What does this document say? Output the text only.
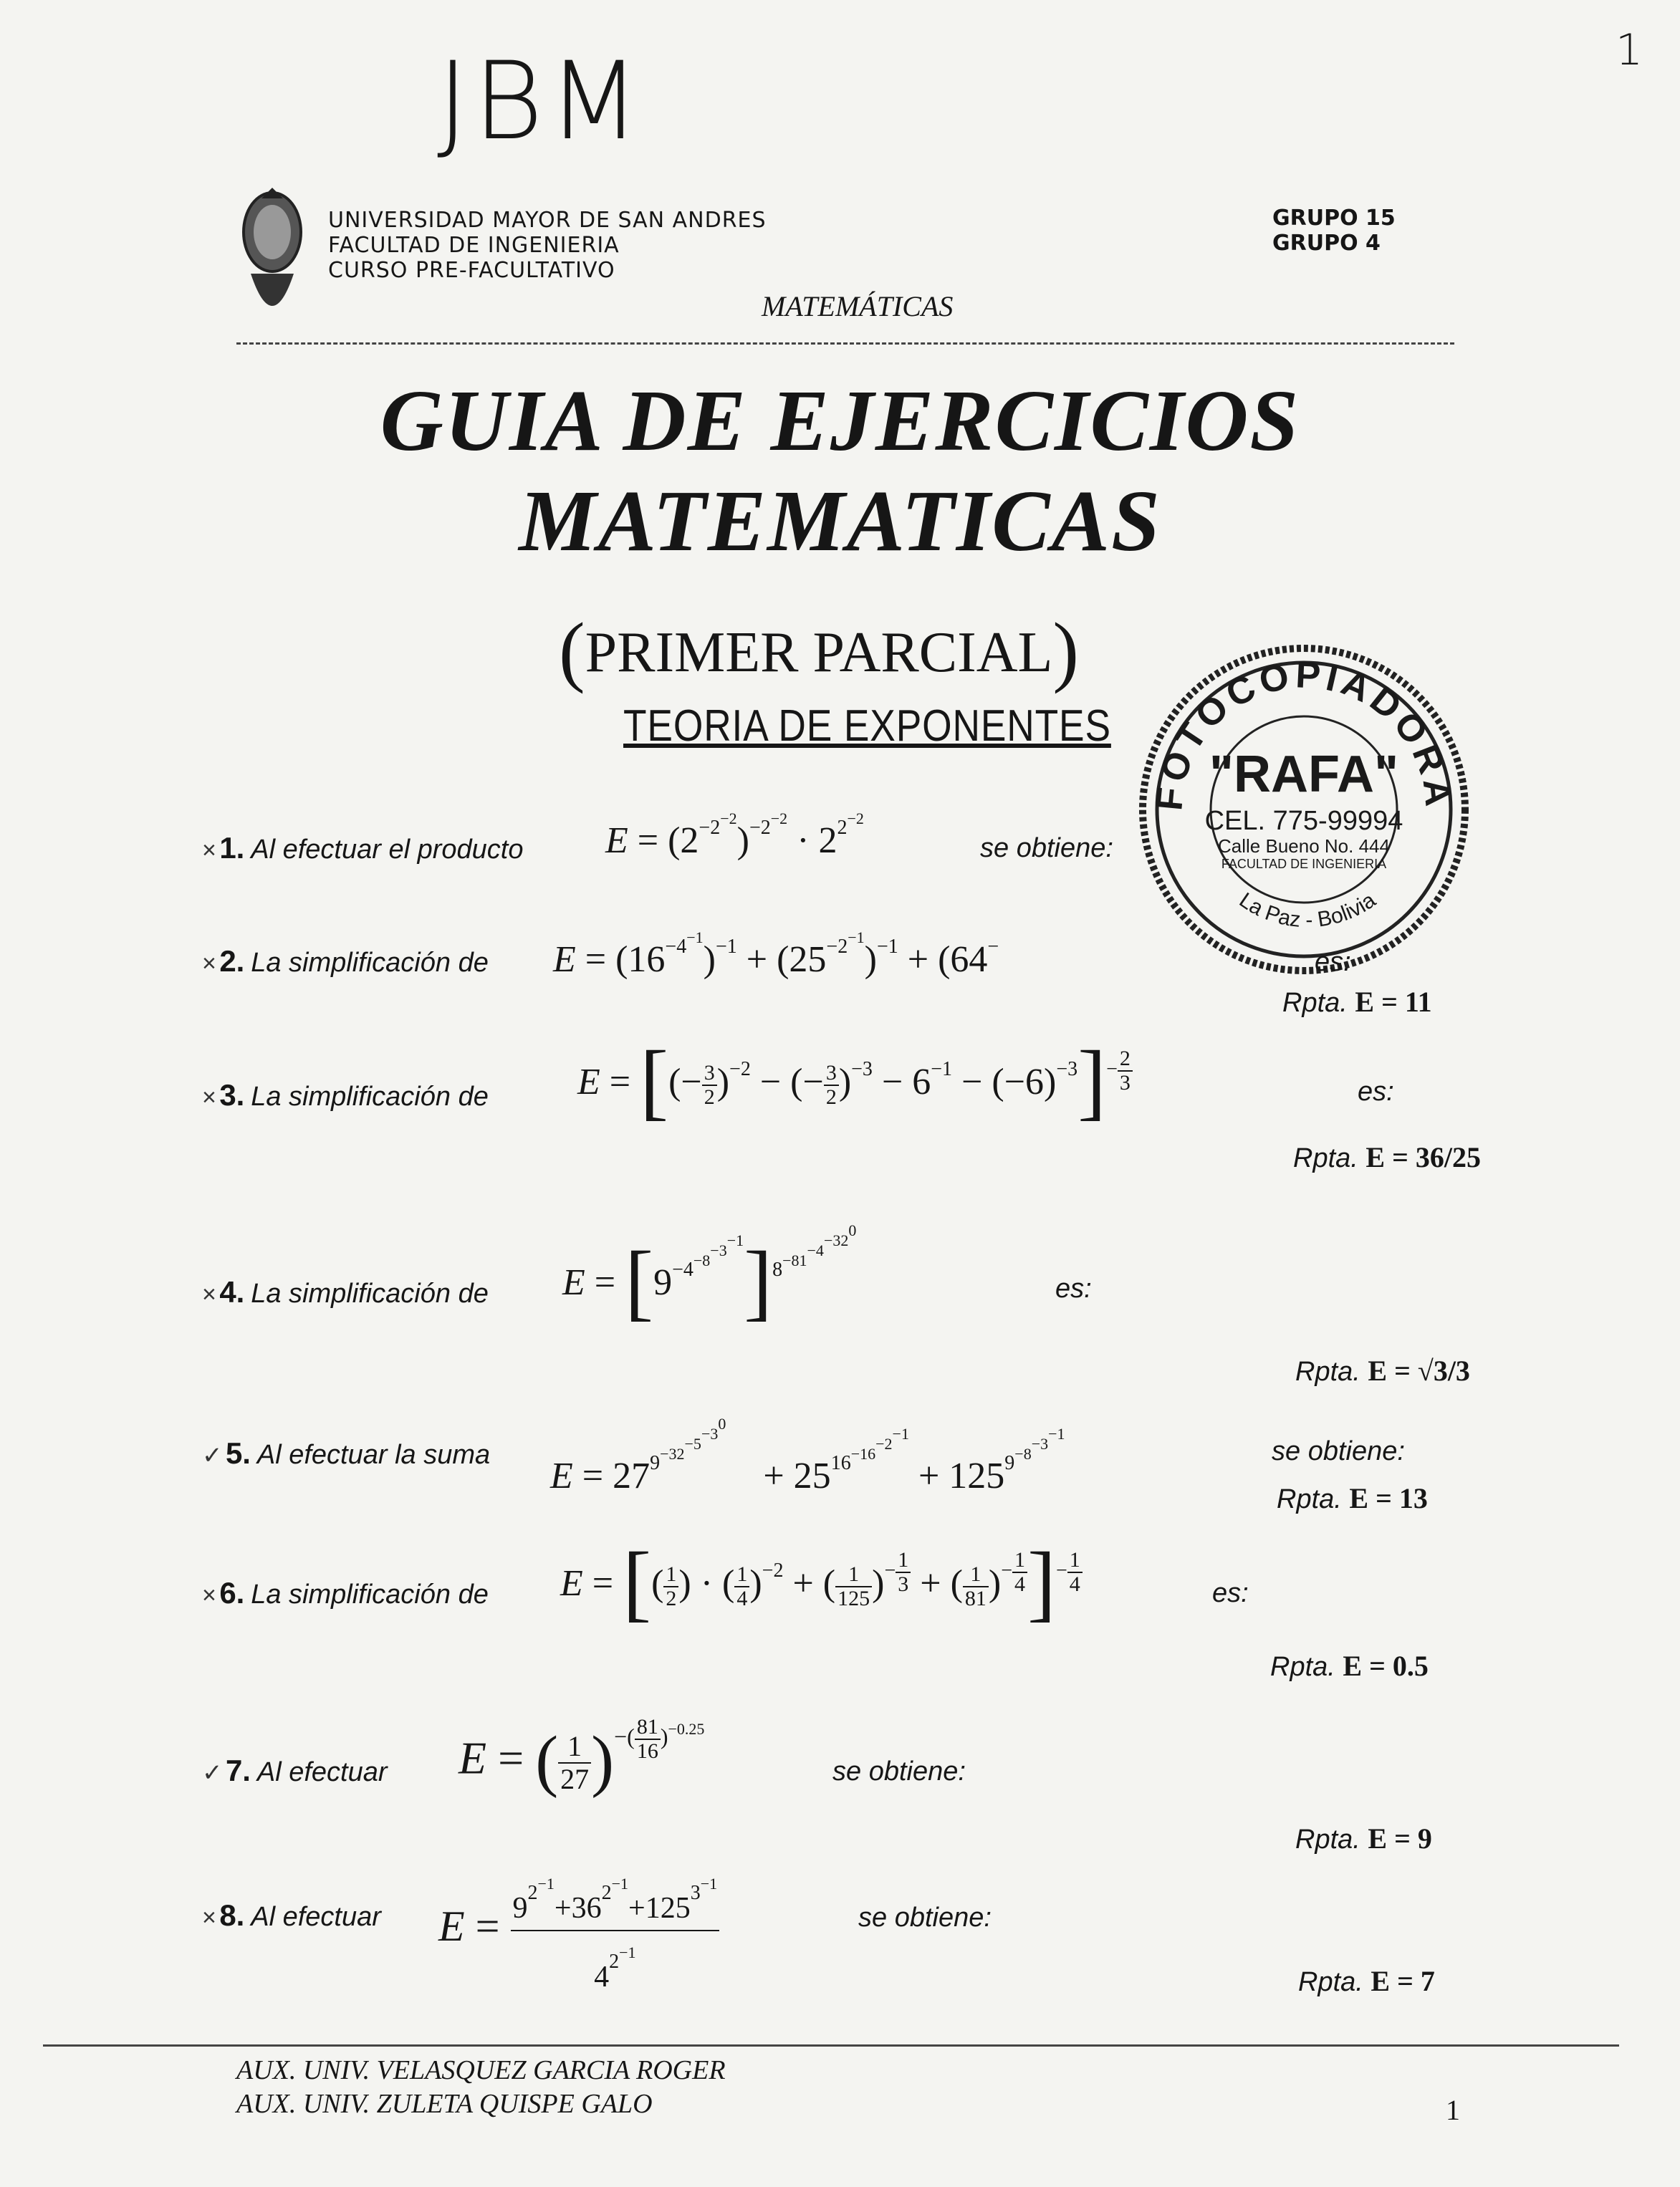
JBM	1
UNIVERSIDAD MAYOR DE SAN ANDRES
FACULTAD DE INGENIERIA
CURSO PRE-FACULTATIVO
GRUPO 15
GRUPO 4
MATEMÁTICAS
GUIA DE EJERCICIOS
MATEMATICAS
(PRIMER PARCIAL)
TEORIA DE EXPONENTES
FOTOCOPIADORA
"RAFA"
CEL. 775-99994
Calle Bueno No. 444
FACULTAD DE INGENIERIA
La Paz - Bolivia
× 1. Al efectuar el producto $E = (2^{-2^{-2}})^{-2^{-2}} \cdot 2^{2^{-2}}$
se obtiene:
× 2. La simplificación de $E = (16^{-4^{-1}})^{-1} + (25^{-2^{-1}})^{-1} + (64^-$
es:
Rpta. E = 11
× 3. La simplificación de E = [(− $\frac{3}{2} )^{-2}$ − (− $\frac{3}{2} )^{-3} - 6^{-1} - (-6)^{-3}]^{- \frac{2}{3}}$	es:
Rpta. E = 36/25
× 4. La simplificación de $E = [9^{-4^{-8^{-3^{-1}}}}]^{8^{-81^{-4^{-32^0}}}}$
es:
Rpta. E = √3/3
✓ 5. Al efectuar la suma
$E = 27^{9^{-32^{-5^{-3^0}}}}$    + $25^{16^{-16^{-2^{-1}}}} + 125^{9^{-8^{-3^{-1}}}}$
se obtiene:
Rpta. E = 13
× 6. La simplificación de E = [( $\frac{1}{2}$ ) · ( $\frac{1}{4} )^{-2}$ + ( $\frac{1}{125} )^{- \frac{1}{3}}$ + ( $\frac{1}{81} )^{- \frac{1}{4}}$ ]$^{- \frac{1}{4}}$	es:
Rpta. E = 0.5
✓ 7. Al efectuar E = ( $\frac{1}{27} )^{-( \frac{81}{16} )^{-0.25}}$
se obtiene:
Rpta. E = 9
× 8. Al efectuar $E = \frac{9^{2^{-1}}+36^{2^{-1}}+125^{3^{-1}}}{4^{2^{-1}}}$	se obtiene:
Rpta. E = 7
AUX. UNIV. VELASQUEZ GARCIA ROGER
AUX. UNIV. ZULETA QUISPE GALO	1
